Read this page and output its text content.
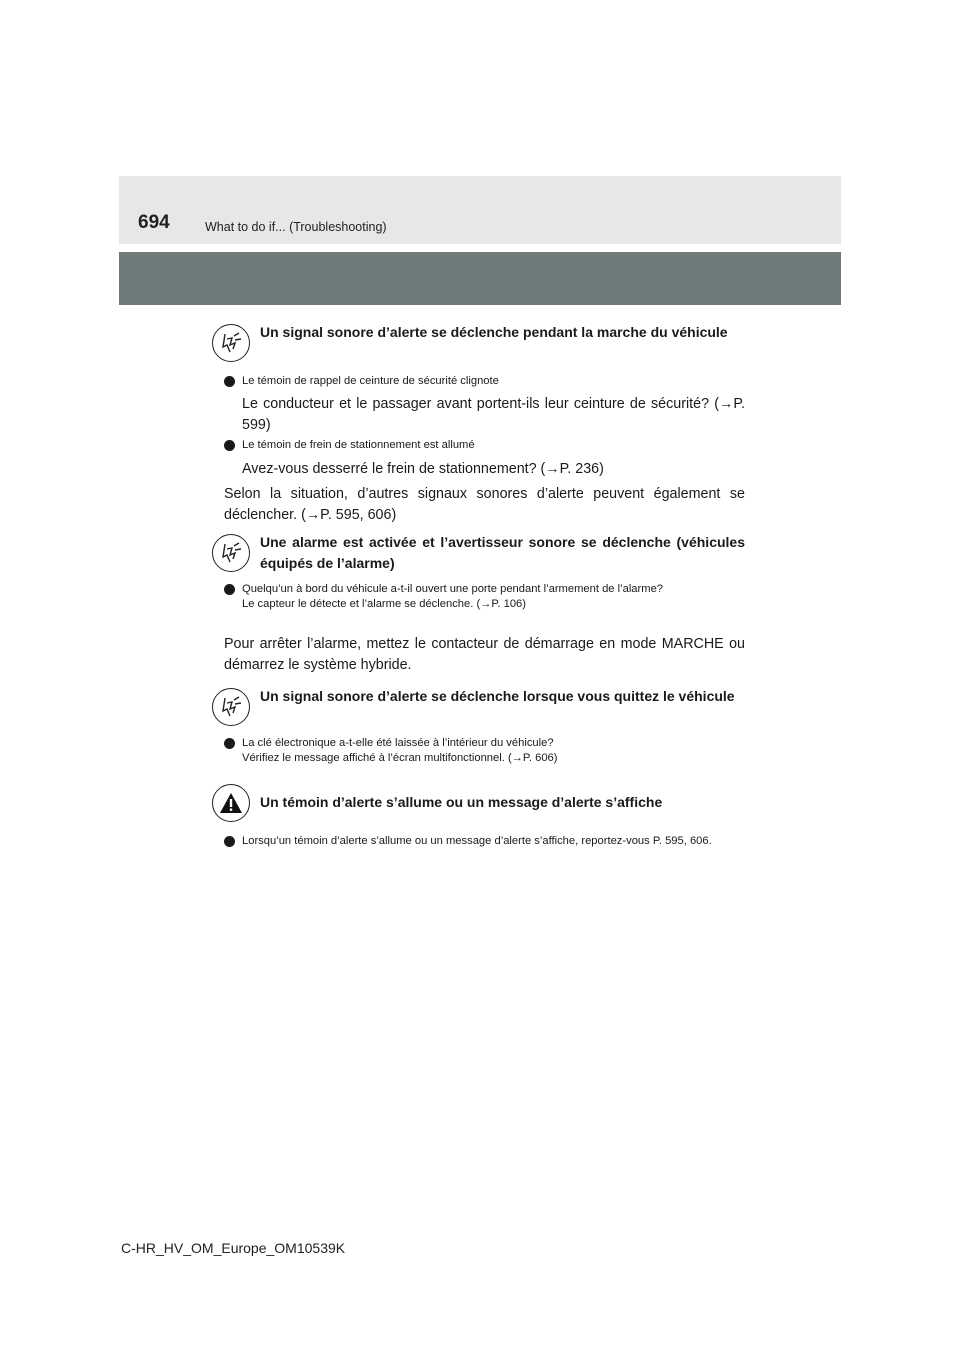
694	What to do if... (Troubleshooting)
Un signal sonore d’alerte se déclenche pendant la marche du véhicule
Le témoin de rappel de ceinture de sécurité clignote
Le conducteur et le passager avant portent-ils leur ceinture de sécurité? (→P. 599)
Le témoin de frein de stationnement est allumé
Avez-vous desserré le frein de stationnement? (→P. 236)
Selon la situation, d’autres signaux sonores d’alerte peuvent également se déclencher. (→P. 595, 606)
Une alarme est activée et l’avertisseur sonore se déclenche (véhicules équipés de l’alarme)
Quelqu’un à bord du véhicule a-t-il ouvert une porte pendant l’armement de l’alarme?
Le capteur le détecte et l’alarme se déclenche. (→P. 106)
Pour arrêter l’alarme, mettez le contacteur de démarrage en mode MARCHE ou démarrez le système hybride.
Un signal sonore d’alerte se déclenche lorsque vous quittez le véhicule
La clé électronique a-t-elle été laissée à l’intérieur du véhicule?
Vérifiez le message affiché à l’écran multifonctionnel. (→P. 606)
Un témoin d’alerte s’allume ou un message d’alerte s’affiche
Lorsqu’un témoin d’alerte s’allume ou un message d’alerte s’affiche, reportez-vous P. 595, 606.
C-HR_HV_OM_Europe_OM10539K
